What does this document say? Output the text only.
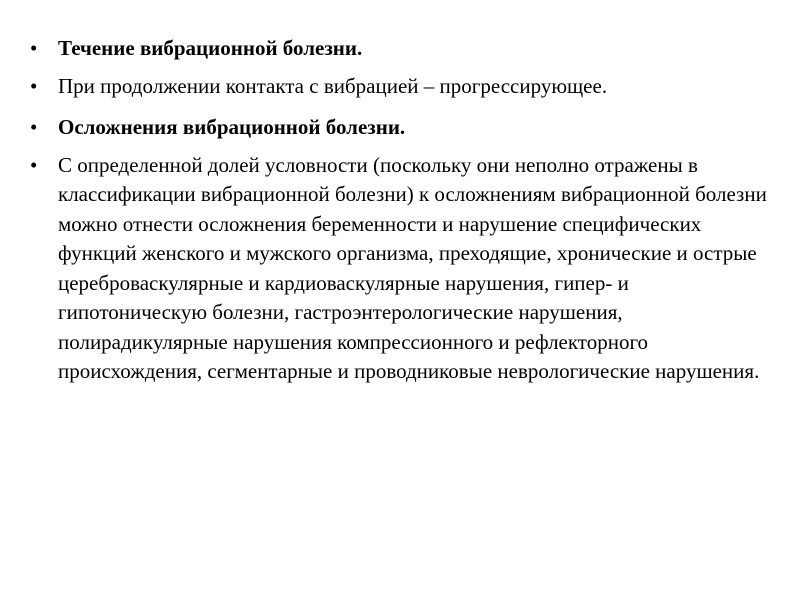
• Течение вибрационной болезни.
• При продолжении контакта с вибрацией – прогрессирующее.
• Осложнения вибрационной болезни.
• С определенной долей условности (поскольку они неполно отражены в классификации вибрационной болезни) к осложнениям вибрационной болезни можно отнести осложнения беременности и нарушение специфических функций женского и мужского организма, преходящие, хронические и острые цереброваскулярные и кардиоваскулярные нарушения, гипер- и гипотоническую болезни, гастроэнтерологические нарушения, полирадикулярные нарушения компрессионного и рефлекторного происхождения, сегментарные и проводниковые неврологические нарушения.
